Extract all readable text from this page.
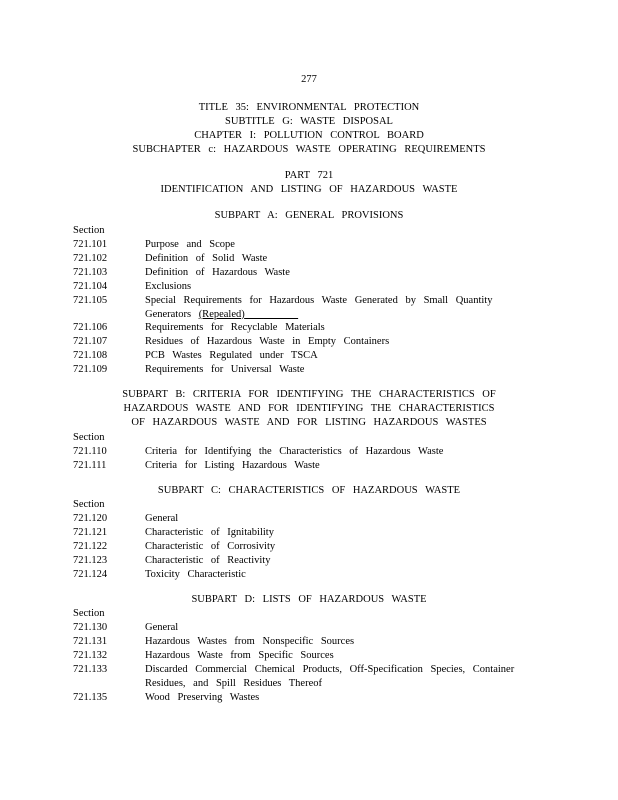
277
TITLE 35: ENVIRONMENTAL PROTECTION
SUBTITLE G: WASTE DISPOSAL
CHAPTER I: POLLUTION CONTROL BOARD
SUBCHAPTER c: HAZARDOUS WASTE OPERATING REQUIREMENTS
PART 721
IDENTIFICATION AND LISTING OF HAZARDOUS WASTE
SUBPART A: GENERAL PROVISIONS
Section
721.101	Purpose and Scope
721.102	Definition of Solid Waste
721.103	Definition of Hazardous Waste
721.104	Exclusions
721.105	Special Requirements for Hazardous Waste Generated by Small Quantity
Generators (Repealed)
721.106	Requirements for Recyclable Materials
721.107	Residues of Hazardous Waste in Empty Containers
721.108	PCB Wastes Regulated under TSCA
721.109	Requirements for Universal Waste
SUBPART B: CRITERIA FOR IDENTIFYING THE CHARACTERISTICS OF
HAZARDOUS WASTE AND FOR IDENTIFYING THE CHARACTERISTICS
OF HAZARDOUS WASTE AND FOR LISTING HAZARDOUS WASTES
Section
721.110	Criteria for Identifying the Characteristics of Hazardous Waste
721.111	Criteria for Listing Hazardous Waste
SUBPART C: CHARACTERISTICS OF HAZARDOUS WASTE
Section
721.120	General
721.121	Characteristic of Ignitability
721.122	Characteristic of Corrosivity
721.123	Characteristic of Reactivity
721.124	Toxicity Characteristic
SUBPART D: LISTS OF HAZARDOUS WASTE
Section
721.130	General
721.131	Hazardous Wastes from Nonspecific Sources
721.132	Hazardous Waste from Specific Sources
721.133	Discarded Commercial Chemical Products, Off-Specification Species, Container
Residues, and Spill Residues Thereof
721.135	Wood Preserving Wastes
